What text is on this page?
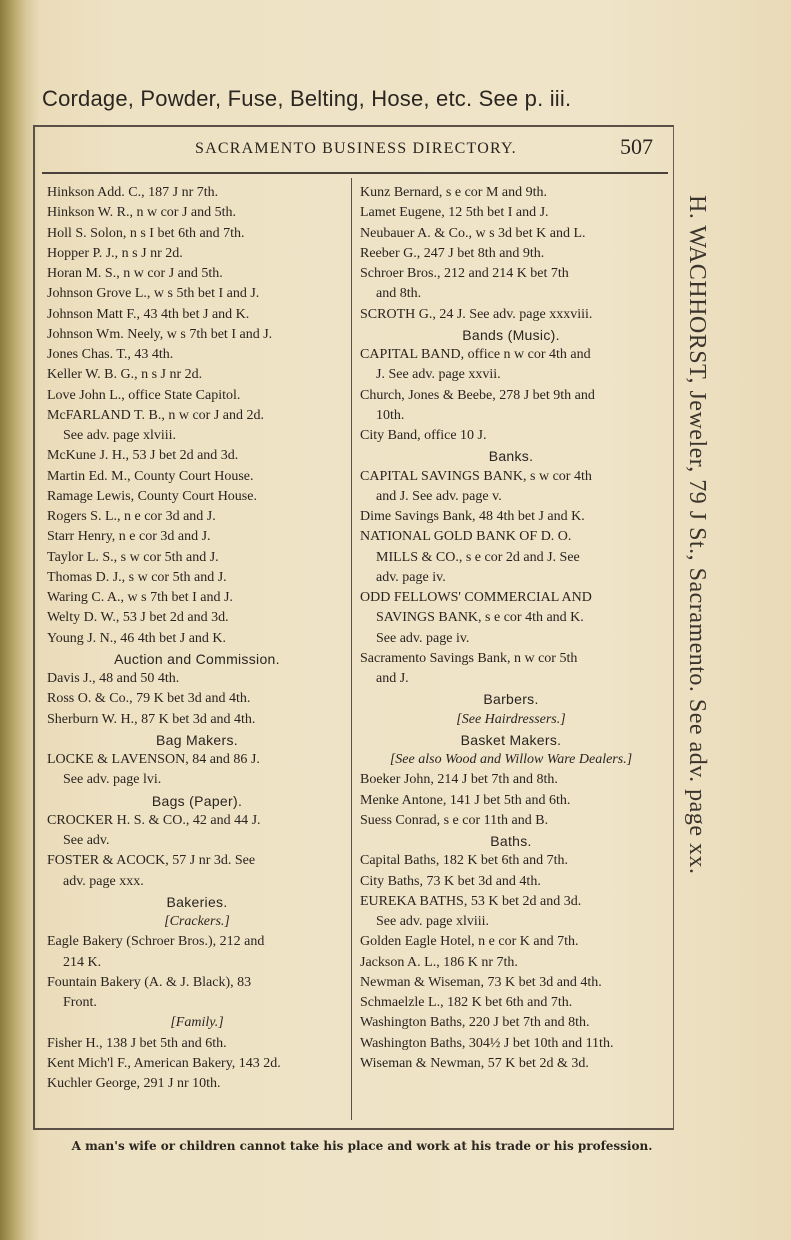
Cordage, Powder, Fuse, Belting, Hose, etc. See p. iii.
SACRAMENTO BUSINESS DIRECTORY.	507
Hinkson Add. C., 187 J nr 7th.
Hinkson W. R., n w cor J and 5th.
Holl S. Solon, n s I bet 6th and 7th.
Hopper P. J., n s J nr 2d.
Horan M. S., n w cor J and 5th.
Johnson Grove L., w s 5th bet I and J.
Johnson Matt F., 43 4th bet J and K.
Johnson Wm. Neely, w s 7th bet I and J.
Jones Chas. T., 43 4th.
Keller W. B. G., n s J nr 2d.
Love John L., office State Capitol.
McFARLAND T. B., n w cor J and 2d.
See adv. page xlviii.
McKune J. H., 53 J bet 2d and 3d.
Martin Ed. M., County Court House.
Ramage Lewis, County Court House.
Rogers S. L., n e cor 3d and J.
Starr Henry, n e cor 3d and J.
Taylor L. S., s w cor 5th and J.
Thomas D. J., s w cor 5th and J.
Waring C. A., w s 7th bet I and J.
Welty D. W., 53 J bet 2d and 3d.
Young J. N., 46 4th bet J and K.
Auction and Commission.
Davis J., 48 and 50 4th.
Ross O. & Co., 79 K bet 3d and 4th.
Sherburn W. H., 87 K bet 3d and 4th.
Bag Makers.
LOCKE & LAVENSON, 84 and 86 J.
See adv. page lvi.
Bags (Paper).
CROCKER H. S. & CO., 42 and 44 J.
See adv.
FOSTER & ACOCK, 57 J nr 3d. See
adv. page xxx.
Bakeries.
[Crackers.]
Eagle Bakery (Schroer Bros.), 212 and
214 K.
Fountain Bakery (A. & J. Black), 83
Front.
[Family.]
Fisher H., 138 J bet 5th and 6th.
Kent Mich'l F., American Bakery, 143 2d.
Kuchler George, 291 J nr 10th.
Kunz Bernard, s e cor M and 9th.
Lamet Eugene, 12 5th bet I and J.
Neubauer A. & Co., w s 3d bet K and L.
Reeber G., 247 J bet 8th and 9th.
Schroer Bros., 212 and 214 K bet 7th
and 8th.
SCROTH G., 24 J. See adv. page xxxviii.
Bands (Music).
CAPITAL BAND, office n w cor 4th and
J. See adv. page xxvii.
Church, Jones & Beebe, 278 J bet 9th and
10th.
City Band, office 10 J.
Banks.
CAPITAL SAVINGS BANK, s w cor 4th
and J. See adv. page v.
Dime Savings Bank, 48 4th bet J and K.
NATIONAL GOLD BANK OF D. O.
MILLS & CO., s e cor 2d and J. See
adv. page iv.
ODD FELLOWS' COMMERCIAL AND
SAVINGS BANK, s e cor 4th and K.
See adv. page iv.
Sacramento Savings Bank, n w cor 5th
and J.
Barbers.
[See Hairdressers.]
Basket Makers.
[See also Wood and Willow Ware Dealers.]
Boeker John, 214 J bet 7th and 8th.
Menke Antone, 141 J bet 5th and 6th.
Suess Conrad, s e cor 11th and B.
Baths.
Capital Baths, 182 K bet 6th and 7th.
City Baths, 73 K bet 3d and 4th.
EUREKA BATHS, 53 K bet 2d and 3d.
See adv. page xlviii.
Golden Eagle Hotel, n e cor K and 7th.
Jackson A. L., 186 K nr 7th.
Newman & Wiseman, 73 K bet 3d and 4th.
Schmaelzle L., 182 K bet 6th and 7th.
Washington Baths, 220 J bet 7th and 8th.
Washington Baths, 304½ J bet 10th and 11th.
Wiseman & Newman, 57 K bet 2d & 3d.
H. WACHHORST, Jeweler, 79 J St., Sacramento. See adv. page xx.
A man's wife or children cannot take his place and work at his trade or his profession.
